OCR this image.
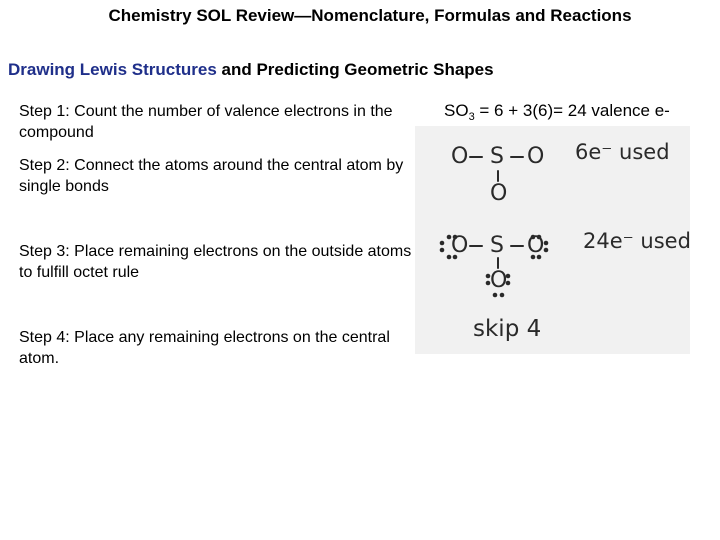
Chemistry SOL Review—Nomenclature, Formulas and Reactions
Drawing Lewis Structures and Predicting Geometric Shapes
Step 1: Count the number of valence electrons in the compound
Step 2: Connect the atoms around the central atom by single bonds
Step 3: Place remaining electrons on the outside atoms to fulfill octet rule
Step 4: Place any remaining electrons on the central atom.
$SO_3 = 6 + 3(6)= 24$ valence e-
O S O
O
O S O
O
6e⁻ used
24e⁻ used
skip 4
